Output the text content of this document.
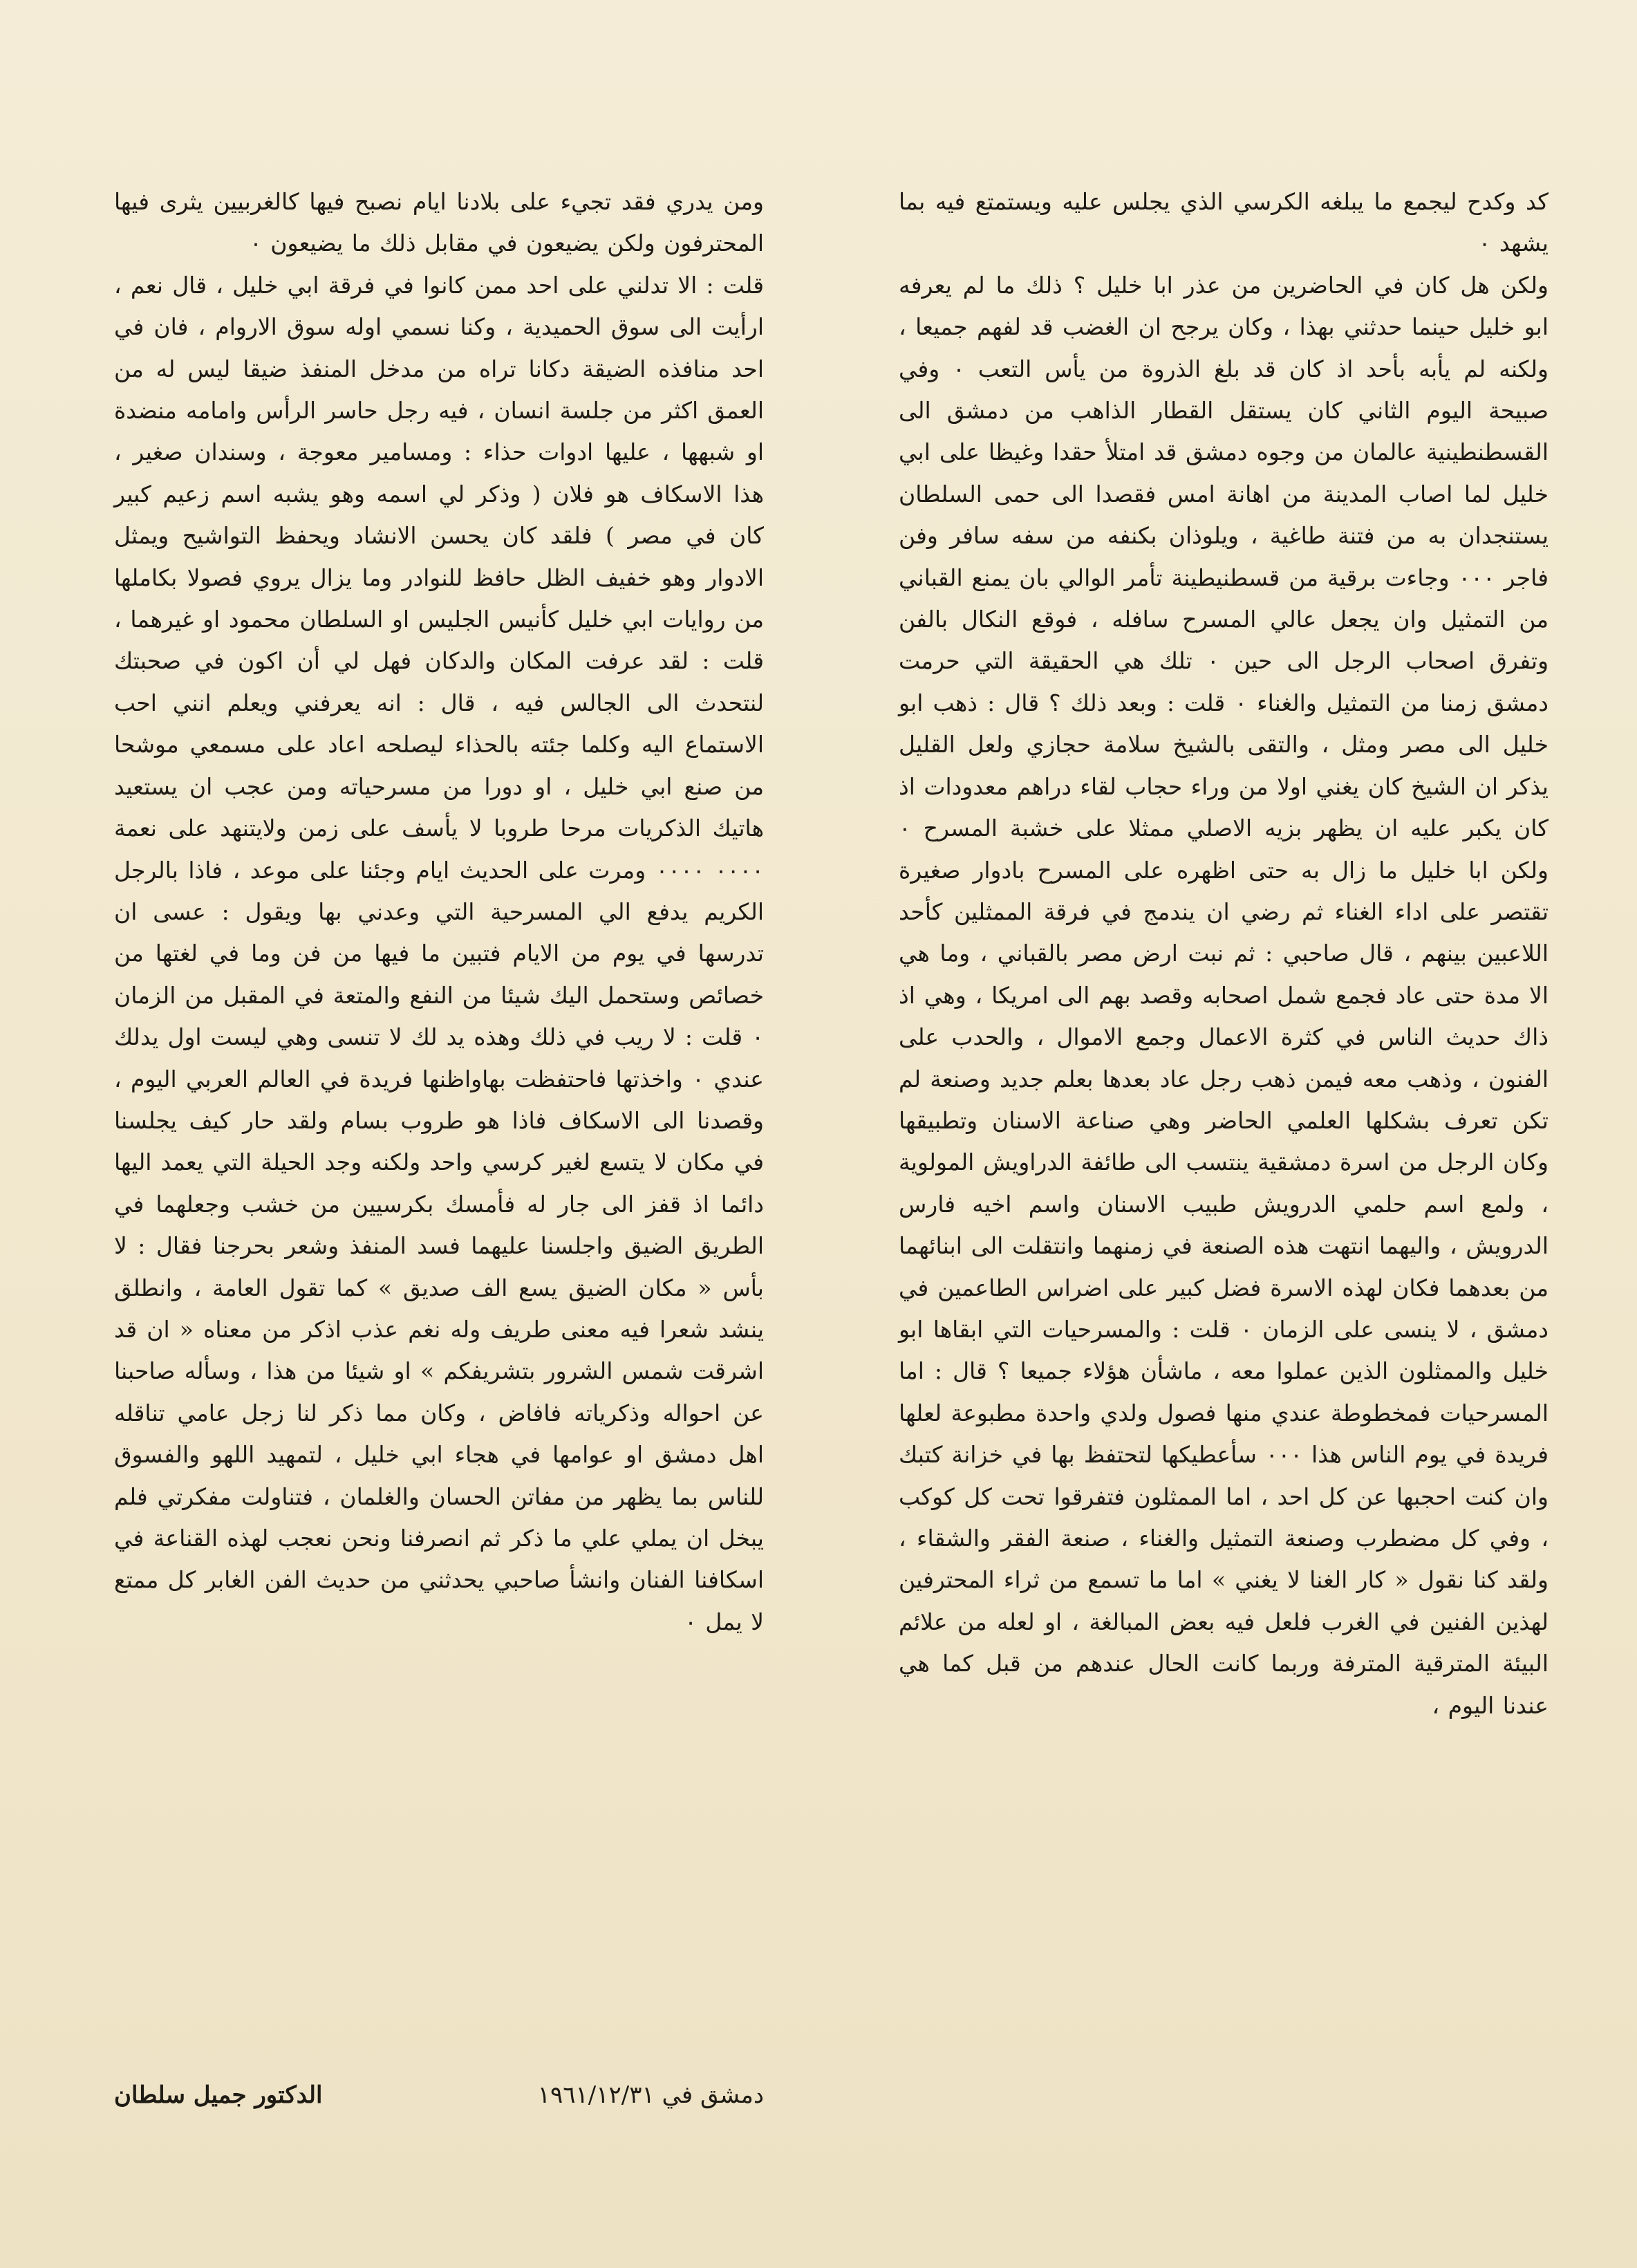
كد وكدح ليجمع ما يبلغه الكرسي الذي يجلس عليه ويستمتع فيه بما يشهد ٠

ولكن هل كان في الحاضرين من عذر ابا خليل ؟ ذلك ما لم يعرفه ابو خليل حينما حدثني بهذا ، وكان يرجح ان الغضب قد لفهم جميعا ، ولكنه لم يأبه بأحد اذ كان قد بلغ الذروة من يأس التعب ٠ وفي صبيحة اليوم الثاني كان يستقل القطار الذاهب من دمشق الى القسطنطينية عالمان من وجوه دمشق قد امتلأ حقدا وغيظا على ابي خليل لما اصاب المدينة من اهانة امس فقصدا الى حمى السلطان يستنجدان به من فتنة طاغية ، ويلوذان بكنفه من سفه سافر وفن فاجر ٠٠٠ وجاءت برقية من قسطنيطينة تأمر الوالي بان يمنع القباني من التمثيل وان يجعل عالي المسرح سافله ، فوقع النكال بالفن وتفرق اصحاب الرجل الى حين ٠ تلك هي الحقيقة التي حرمت دمشق زمنا من التمثيل والغناء ٠ قلت : وبعد ذلك ؟ قال : ذهب ابو خليل الى مصر ومثل ، والتقى بالشيخ سلامة حجازي ولعل القليل يذكر ان الشيخ كان يغني اولا من وراء حجاب لقاء دراهم معدودات اذ كان يكبر عليه ان يظهر بزيه الاصلي ممثلا على خشبة المسرح ٠ ولكن ابا خليل ما زال به حتى اظهره على المسرح بادوار صغيرة تقتصر على اداء الغناء ثم رضي ان يندمج في فرقة الممثلين كأحد اللاعبين بينهم ، قال صاحبي : ثم نبت ارض مصر بالقباني ، وما هي الا مدة حتى عاد فجمع شمل اصحابه وقصد بهم الى امريكا ، وهي اذ ذاك حديث الناس في كثرة الاعمال وجمع الاموال ، والحدب على الفنون ، وذهب معه فيمن ذهب رجل عاد بعدها بعلم جديد وصنعة لم تكن تعرف بشكلها العلمي الحاضر وهي صناعة الاسنان وتطبيقها وكان الرجل من اسرة دمشقية ينتسب الى طائفة الدراويش المولوية ، ولمع اسم حلمي الدرويش طبيب الاسنان واسم اخيه فارس الدرويش ، واليهما انتهت هذه الصنعة في زمنهما وانتقلت الى ابنائهما من بعدهما فكان لهذه الاسرة فضل كبير على اضراس الطاعمين في دمشق ، لا ينسى على الزمان ٠ قلت : والمسرحيات التي ابقاها ابو خليل والممثلون الذين عملوا معه ، ماشأن هؤلاء جميعا ؟ قال : اما المسرحيات فمخطوطة عندي منها فصول ولدي واحدة مطبوعة لعلها فريدة في يوم الناس هذا ٠٠٠ سأعطيكها لتحتفظ بها في خزانة كتبك وان كنت احجبها عن كل احد ، اما الممثلون فتفرقوا تحت كل كوكب ، وفي كل مضطرب وصنعة التمثيل والغناء ، صنعة الفقر والشقاء ، ولقد كنا نقول « كار الغنا لا يغني » اما ما تسمع من ثراء المحترفين لهذين الفنين في الغرب فلعل فيه بعض المبالغة ، او لعله من علائم البيئة المترقية المترفة وربما كانت الحال عندهم من قبل كما هي عندنا اليوم ،

ومن يدري فقد تجيء على بلادنا ايام نصبح فيها كالغربيين يثرى فيها المحترفون ولكن يضيعون في مقابل ذلك ما يضيعون ٠

قلت : الا تدلني على احد ممن كانوا في فرقة ابي خليل ، قال نعم ، ارأيت الى سوق الحميدية ، وكنا نسمي اوله سوق الاروام ، فان في احد منافذه الضيقة دكانا تراه من مدخل المنفذ ضيقا ليس له من العمق اكثر من جلسة انسان ، فيه رجل حاسر الرأس وامامه منضدة او شبهها ، عليها ادوات حذاء : ومسامير معوجة ، وسندان صغير ، هذا الاسكاف هو فلان ( وذكر لي اسمه وهو يشبه اسم زعيم كبير كان في مصر ) فلقد كان يحسن الانشاد ويحفظ التواشيح ويمثل الادوار وهو خفيف الظل حافظ للنوادر وما يزال يروي فصولا بكاملها من روايات ابي خليل كأنيس الجليس او السلطان محمود او غيرهما ، قلت : لقد عرفت المكان والدكان فهل لي أن اكون في صحبتك لنتحدث الى الجالس فيه ، قال : انه يعرفني ويعلم انني احب الاستماع اليه وكلما جئته بالحذاء ليصلحه اعاد على مسمعي موشحا من صنع ابي خليل ، او دورا من مسرحياته ومن عجب ان يستعيد هاتيك الذكريات مرحا طروبا لا يأسف على زمن ولايتنهد على نعمة ٠٠٠٠ ٠٠٠٠ ومرت على الحديث ايام وجئنا على موعد ، فاذا بالرجل الكريم يدفع الي المسرحية التي وعدني بها ويقول : عسى ان تدرسها في يوم من الايام فتبين ما فيها من فن وما في لغتها من خصائص وستحمل اليك شيئا من النفع والمتعة في المقبل من الزمان ٠ قلت : لا ريب في ذلك وهذه يد لك لا تنسى وهي ليست اول يدلك عندي ٠ واخذتها فاحتفظت بهاواظنها فريدة في العالم العربي اليوم ، وقصدنا الى الاسكاف فاذا هو طروب بسام ولقد حار كيف يجلسنا في مكان لا يتسع لغير كرسي واحد ولكنه وجد الحيلة التي يعمد اليها دائما اذ قفز الى جار له فأمسك بكرسيين من خشب وجعلهما في الطريق الضيق واجلسنا عليهما فسد المنفذ وشعر بحرجنا فقال : لا بأس « مكان الضيق يسع الف صديق » كما تقول العامة ، وانطلق ينشد شعرا فيه معنى طريف وله نغم عذب اذكر من معناه « ان قد اشرقت شمس الشرور بتشريفكم » او شيئا من هذا ، وسأله صاحبنا عن احواله وذكرياته فافاض ، وكان مما ذكر لنا زجل عامي تناقله اهل دمشق او عوامها في هجاء ابي خليل ، لتمهيد اللهو والفسوق للناس بما يظهر من مفاتن الحسان والغلمان ، فتناولت مفكرتي فلم يبخل ان يملي علي ما ذكر ثم انصرفنا ونحن نعجب لهذه القناعة في اسكافنا الفنان وانشأ صاحبي يحدثني من حديث الفن الغابر كل ممتع لا يمل ٠

دمشق في ١٩٦١/١٢/٣١
الدكتور جميل سلطان
